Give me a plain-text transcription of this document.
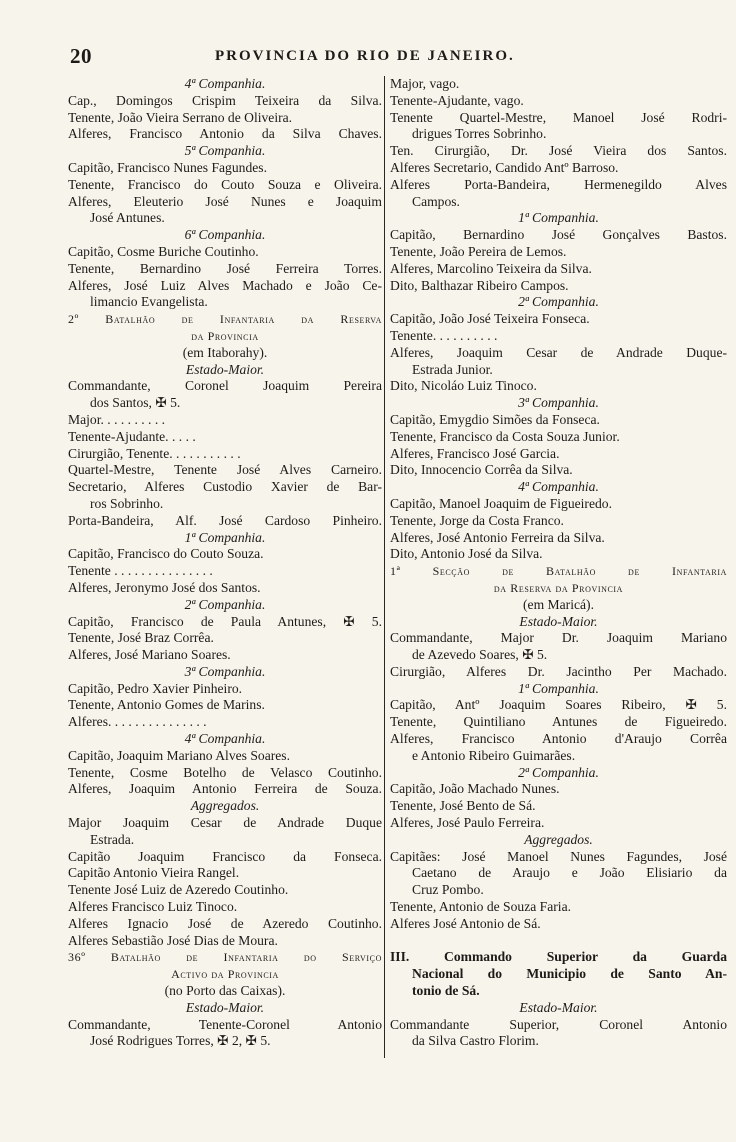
20	PROVINCIA DO RIO DE JANEIRO.
4ª Companhia.
Cap., Domingos Crispim Teixeira da Silva.
Tenente, João Vieira Serrano de Oliveira.
Alferes, Francisco Antonio da Silva Chaves.
5ª Companhia.
Capitão, Francisco Nunes Fagundes.
Tenente, Francisco do Couto Souza e Oliveira.
Alferes, Eleuterio José Nunes e Joaquim
José Antunes.
6ª Companhia.
Capitão, Cosme Buriche Coutinho.
Tenente, Bernardino José Ferreira Torres.
Alferes, José Luiz Alves Machado e João Ce-
limancio Evangelista.
2º Batalhão de Infantaria da Reserva
da Provincia
(em Itaborahy).
Estado-Maior.
Commandante, Coronel Joaquim Pereira
dos Santos, ✠ 5.
Major. . . . . . . . . .
Tenente-Ajudante. . . . .
Cirurgião, Tenente. . . . . . . . . . .
Quartel-Mestre, Tenente José Alves Carneiro.
Secretario, Alferes Custodio Xavier de Bar-
ros Sobrinho.
Porta-Bandeira, Alf. José Cardoso Pinheiro.
1ª Companhia.
Capitão, Francisco do Couto Souza.
Tenente . . . . . . . . . . . . . . .
Alferes, Jeronymo José dos Santos.
2ª Companhia.
Capitão, Francisco de Paula Antunes, ✠ 5.
Tenente, José Braz Corrêa.
Alferes, José Mariano Soares.
3ª Companhia.
Capitão, Pedro Xavier Pinheiro.
Tenente, Antonio Gomes de Marins.
Alferes. . . . . . . . . . . . . . .
4ª Companhia.
Capitão, Joaquim Mariano Alves Soares.
Tenente, Cosme Botelho de Velasco Coutinho.
Alferes, Joaquim Antonio Ferreira de Souza.
Aggregados.
Major Joaquim Cesar de Andrade Duque
Estrada.
Capitão Joaquim Francisco da Fonseca.
Capitão Antonio Vieira Rangel.
Tenente José Luiz de Azeredo Coutinho.
Alferes Francisco Luiz Tinoco.
Alferes Ignacio José de Azeredo Coutinho.
Alferes Sebastião José Dias de Moura.
36º Batalhão de Infantaria do Serviço
Activo da Provincia
(no Porto das Caixas).
Estado-Maior.
Commandante, Tenente-Coronel Antonio
José Rodrigues Torres, ✠ 2, ✠ 5.
Major, vago.
Tenente-Ajudante, vago.
Tenente Quartel-Mestre, Manoel José Rodri-
drigues Torres Sobrinho.
Ten. Cirurgião, Dr. José Vieira dos Santos.
Alferes Secretario, Candido Antº Barroso.
Alferes Porta-Bandeira, Hermenegildo Alves
Campos.
1ª Companhia.
Capitão, Bernardino José Gonçalves Bastos.
Tenente, João Pereira de Lemos.
Alferes, Marcolino Teixeira da Silva.
Dito, Balthazar Ribeiro Campos.
2ª Companhia.
Capitão, João José Teixeira Fonseca.
Tenente. . . . . . . . . .
Alferes, Joaquim Cesar de Andrade Duque-
Estrada Junior.
Dito, Nicoláo Luiz Tinoco.
3ª Companhia.
Capitão, Emygdio Simões da Fonseca.
Tenente, Francisco da Costa Souza Junior.
Alferes, Francisco José Garcia.
Dito, Innocencio Corrêa da Silva.
4ª Companhia.
Capitão, Manoel Joaquim de Figueiredo.
Tenente, Jorge da Costa Franco.
Alferes, José Antonio Ferreira da Silva.
Dito, Antonio José da Silva.
1ª Secção de Batalhão de Infantaria
da Reserva da Provincia
(em Maricá).
Estado-Maior.
Commandante, Major Dr. Joaquim Mariano
de Azevedo Soares, ✠ 5.
Cirurgião, Alferes Dr. Jacintho Per Machado.
1ª Companhia.
Capitão, Antº Joaquim Soares Ribeiro, ✠ 5.
Tenente, Quintiliano Antunes de Figueiredo.
Alferes, Francisco Antonio d'Araujo Corrêa
e Antonio Ribeiro Guimarães.
2ª Companhia.
Capitão, João Machado Nunes.
Tenente, José Bento de Sá.
Alferes, José Paulo Ferreira.
Aggregados.
Capitães: José Manoel Nunes Fagundes, José
Caetano de Araujo e João Elisiario da
Cruz Pombo.
Tenente, Antonio de Souza Faria.
Alferes José Antonio de Sá.

III. Commando Superior da Guarda
Nacional do Municipio de Santo An-
tonio de Sá.
Estado-Maior.
Commandante Superior, Coronel Antonio
da Silva Castro Florim.
